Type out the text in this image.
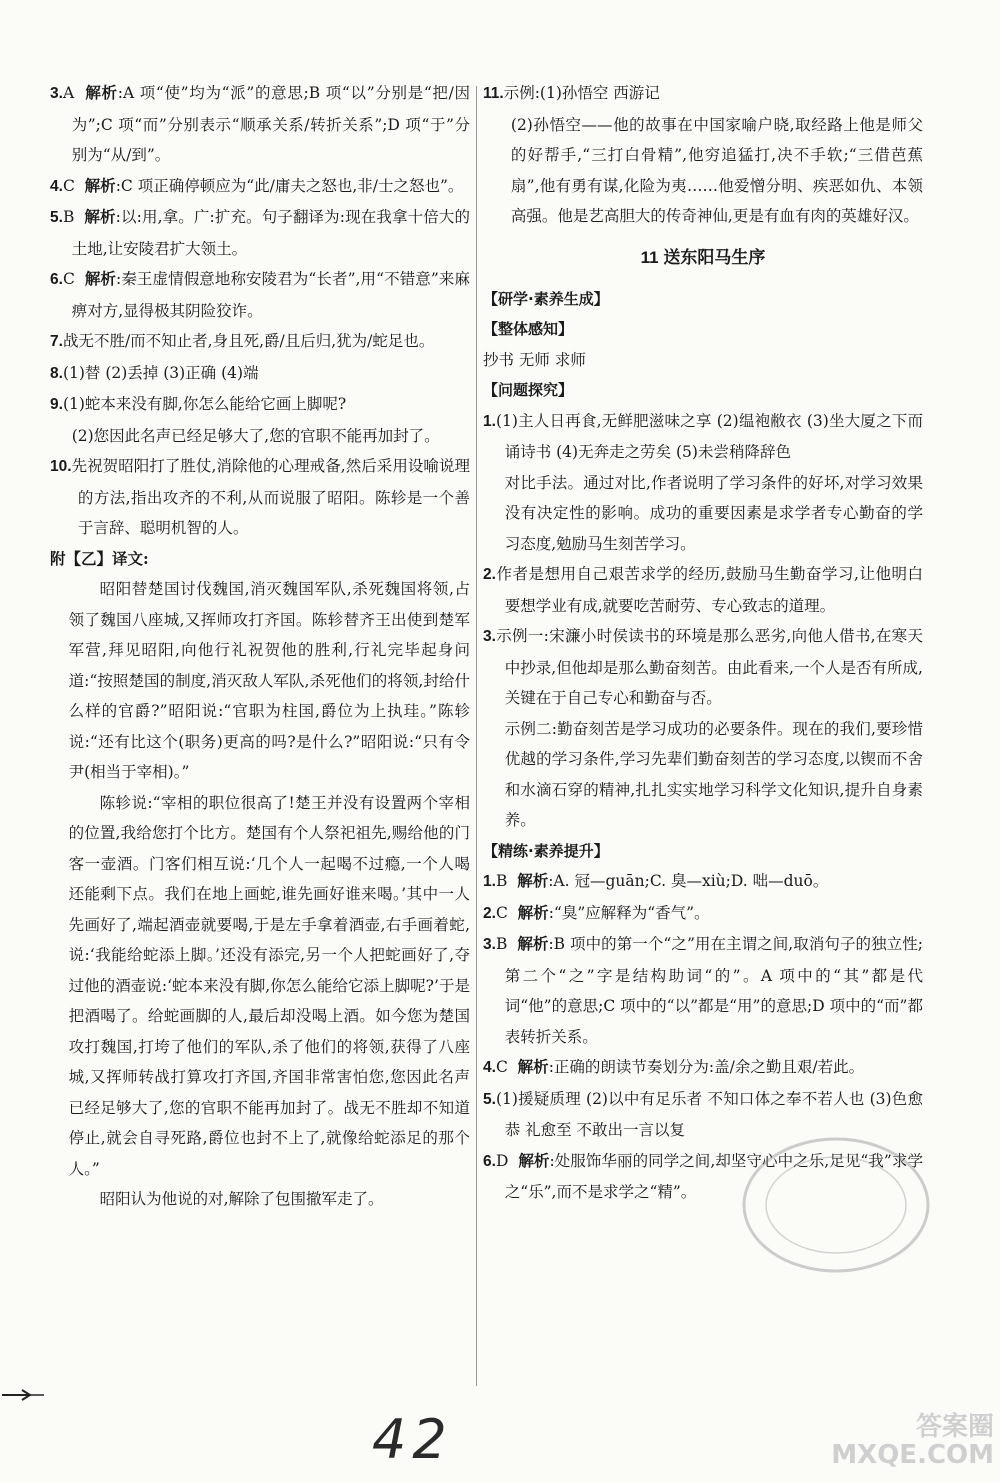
3.A 解析:A 项“使”均为“派”的意思;B 项“以”分别是“把/因为”;C 项“而”分别表示“顺承关系/转折关系”;D 项“于”分别为“从/到”。

4.C 解析:C 项正确停顿应为“此/庸夫之怒也,非/士之怒也”。

5.B 解析:以:用,拿。广:扩充。句子翻译为:现在我拿十倍大的土地,让安陵君扩大领土。

6.C 解析:秦王虚情假意地称安陵君为“长者”,用“不错意”来麻痹对方,显得极其阴险狡诈。

7.战无不胜/而不知止者,身且死,爵/且后归,犹为/蛇足也。

8.(1)替 (2)丢掉 (3)正确 (4)端

9.(1)蛇本来没有脚,你怎么能给它画上脚呢?

(2)您因此名声已经足够大了,您的官职不能再加封了。

10.先祝贺昭阳打了胜仗,消除他的心理戒备,然后采用设喻说理的方法,指出攻齐的不利,从而说服了昭阳。陈轸是一个善于言辞、聪明机智的人。

附【乙】译文:

昭阳替楚国讨伐魏国,消灭魏国军队,杀死魏国将领,占领了魏国八座城,又挥师攻打齐国。陈轸替齐王出使到楚军军营,拜见昭阳,向他行礼祝贺他的胜利,行礼完毕起身问道:“按照楚国的制度,消灭敌人军队,杀死他们的将领,封给什么样的官爵?”昭阳说:“官职为柱国,爵位为上执珪。”陈轸说:“还有比这个(职务)更高的吗?是什么?”昭阳说:“只有令尹(相当于宰相)。”

陈轸说:“宰相的职位很高了!楚王并没有设置两个宰相的位置,我给您打个比方。楚国有个人祭祀祖先,赐给他的门客一壶酒。门客们相互说:‘几个人一起喝不过瘾,一个人喝还能剩下点。我们在地上画蛇,谁先画好谁来喝。’其中一人先画好了,端起酒壶就要喝,于是左手拿着酒壶,右手画着蛇,说:‘我能给蛇添上脚。’还没有添完,另一个人把蛇画好了,夺过他的酒壶说:‘蛇本来没有脚,你怎么能给它添上脚呢?’于是把酒喝了。给蛇画脚的人,最后却没喝上酒。如今您为楚国攻打魏国,打垮了他们的军队,杀了他们的将领,获得了八座城,又挥师转战打算攻打齐国,齐国非常害怕您,您因此名声已经足够大了,您的官职不能再加封了。战无不胜却不知道停止,就会自寻死路,爵位也封不上了,就像给蛇添足的那个人。”

昭阳认为他说的对,解除了包围撤军走了。

11.示例:(1)孙悟空 西游记

(2)孙悟空——他的故事在中国家喻户晓,取经路上他是师父的好帮手,“三打白骨精”,他穷追猛打,决不手软;“三借芭蕉扇”,他有勇有谋,化险为夷……他爱憎分明、疾恶如仇、本领高强。他是艺高胆大的传奇神仙,更是有血有肉的英雄好汉。

11 送东阳马生序
【研学·素养生成】
【整体感知】

抄书 无师 求师

【问题探究】

1.(1)主人日再食,无鲜肥滋味之享 (2)缊袍敝衣 (3)坐大厦之下而诵诗书 (4)无奔走之劳矣 (5)未尝稍降辞色

对比手法。通过对比,作者说明了学习条件的好坏,对学习效果没有决定性的影响。成功的重要因素是求学者专心勤奋的学习态度,勉励马生刻苦学习。

2.作者是想用自己艰苦求学的经历,鼓励马生勤奋学习,让他明白要想学业有成,就要吃苦耐劳、专心致志的道理。

3.示例一:宋濂小时侯读书的环境是那么恶劣,向他人借书,在寒天中抄录,但他却是那么勤奋刻苦。由此看来,一个人是否有所成,关键在于自己专心和勤奋与否。

示例二:勤奋刻苦是学习成功的必要条件。现在的我们,要珍惜优越的学习条件,学习先辈们勤奋刻苦的学习态度,以锲而不舍和水滴石穿的精神,扎扎实实地学习科学文化知识,提升自身素养。

【精练·素养提升】

1.B 解析:A. 冠—guān;C. 臭—xiù;D. 咄—duō。

2.C 解析:“臭”应解释为“香气”。

3.B 解析:B 项中的第一个“之”用在主谓之间,取消句子的独立性;第二个“之”字是结构助词“的”。A 项中的“其”都是代词“他”的意思;C 项中的“以”都是“用”的意思;D 项中的“而”都表转折关系。

4.C 解析:正确的朗读节奏划分为:盖/余之勤且艰/若此。

5.(1)援疑质理 (2)以中有足乐者 不知口体之奉不若人也 (3)色愈恭 礼愈至 不敢出一言以复

6.D 解析:处服饰华丽的同学之间,却坚守心中之乐,足见“我”求学之“乐”,而不是求学之“精”。

42	答案圈
MXQE.COM
